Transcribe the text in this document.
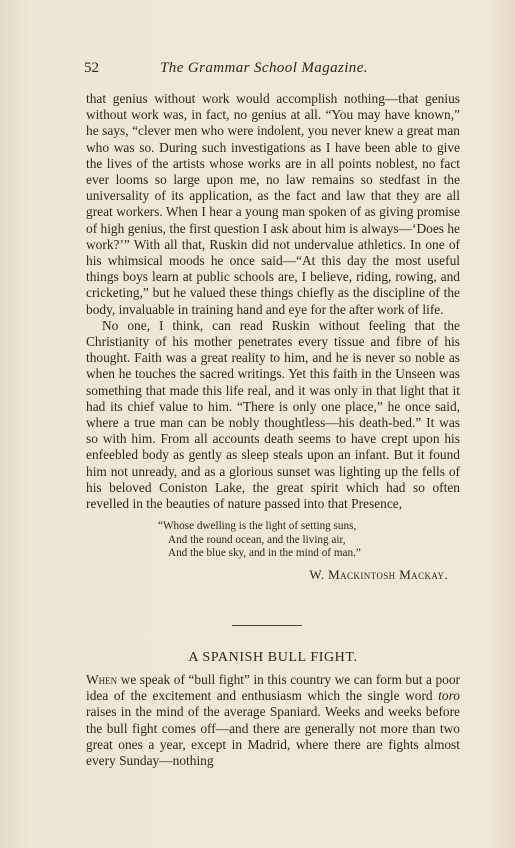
52	The Grammar School Magazine.

that genius without work would accomplish nothing—that genius without work was, in fact, no genius at all. “You may have known,” he says, “clever men who were indolent, you never knew a great man who was so. During such investigations as I have been able to give the lives of the artists whose works are in all points noblest, no fact ever looms so large upon me, no law remains so stedfast in the universality of its application, as the fact and law that they are all great workers. When I hear a young man spoken of as giving promise of high genius, the first question I ask about him is always—‘Does he work?’” With all that, Ruskin did not undervalue athletics. In one of his whimsical moods he once said—“At this day the most useful things boys learn at public schools are, I believe, riding, rowing, and cricketing,” but he valued these things chiefly as the discipline of the body, invaluable in training hand and eye for the after work of life.

No one, I think, can read Ruskin without feeling that the Christianity of his mother penetrates every tissue and fibre of his thought. Faith was a great reality to him, and he is never so noble as when he touches the sacred writings. Yet this faith in the Unseen was something that made this life real, and it was only in that light that it had its chief value to him. “There is only one place,” he once said, where a true man can be nobly thoughtless—his death-bed.” It was so with him. From all accounts death seems to have crept upon his enfeebled body as gently as sleep steals upon an infant. But it found him not unready, and as a glorious sunset was lighting up the fells of his beloved Coniston Lake, the great spirit which had so often revelled in the beauties of nature passed into that Presence,

“Whose dwelling is the light of setting suns,
And the round ocean, and the living air,
And the blue sky, and in the mind of man.”
W. Mackintosh Mackay.
A SPANISH BULL FIGHT.

When we speak of “bull fight” in this country we can form but a poor idea of the excitement and enthusiasm which the single word toro raises in the mind of the average Spaniard. Weeks and weeks before the bull fight comes off—and there are generally not more than two great ones a year, except in Madrid, where there are fights almost every Sunday—nothing
